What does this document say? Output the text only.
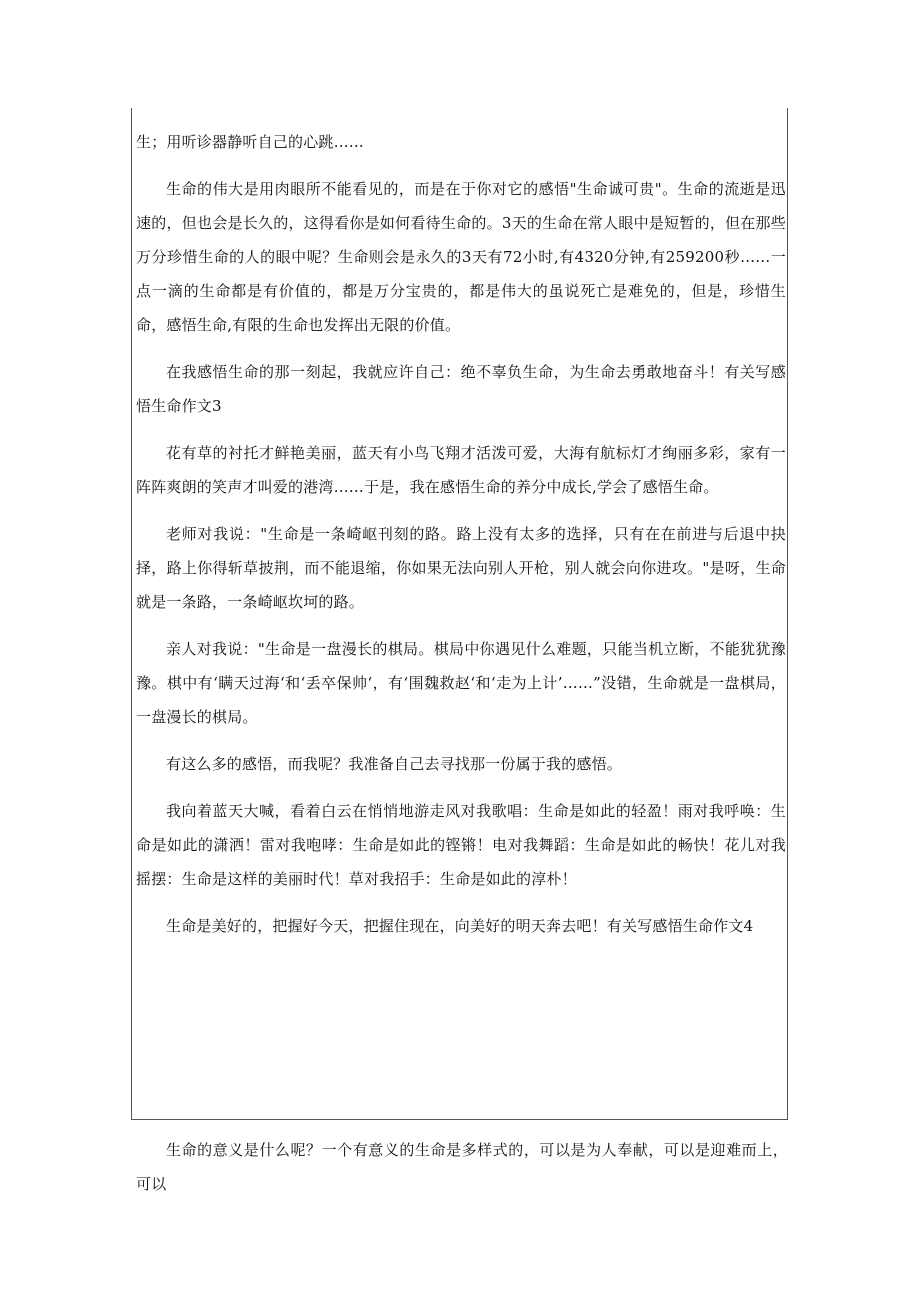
生；用听诊器静听自己的心跳……

生命的伟大是用肉眼所不能看见的，而是在于你对它的感悟"生命诚可贵"。生命的流逝是迅速的，但也会是长久的，这得看你是如何看待生命的。3天的生命在常人眼中是短暂的，但在那些万分珍惜生命的人的眼中呢？生命则会是永久的3天有72小时,有4320分钟,有259200秒……一点一滴的生命都是有价值的，都是万分宝贵的，都是伟大的虽说死亡是难免的，但是，珍惜生命，感悟生命,有限的生命也发挥出无限的价值。

在我感悟生命的那一刻起，我就应许自己：绝不辜负生命，为生命去勇敢地奋斗！有关写感悟生命作文3

花有草的衬托才鲜艳美丽，蓝天有小鸟飞翔才活泼可爱，大海有航标灯才绚丽多彩，家有一阵阵爽朗的笑声才叫爱的港湾……于是，我在感悟生命的养分中成长,学会了感悟生命。

老师对我说："生命是一条崎岖刊刻的路。路上没有太多的选择，只有在在前进与后退中抉择，路上你得斩草披荆，而不能退缩，你如果无法向别人开枪，别人就会向你进攻。"是呀，生命就是一条路，一条崎岖坎坷的路。

亲人对我说："生命是一盘漫长的棋局。棋局中你遇见什么难题，只能当机立断，不能犹犹豫豫。棋中有‘瞒天过海‘和‘丢卒保帅‘，有‘围魏救赵‘和‘走为上计’……”没错，生命就是一盘棋局，一盘漫长的棋局。

有这么多的感悟，而我呢？我准备自己去寻找那一份属于我的感悟。

我向着蓝天大喊，看着白云在悄悄地游走风对我歌唱：生命是如此的轻盈！雨对我呼唤：生命是如此的潇洒！雷对我咆哮：生命是如此的铿锵！电对我舞蹈：生命是如此的畅快！花儿对我摇摆：生命是这样的美丽时代！草对我招手：生命是如此的淳朴！

生命是美好的，把握好今天，把握住现在，向美好的明天奔去吧！有关写感悟生命作文4

生命的意义是什么呢？一个有意义的生命是多样式的，可以是为人奉献，可以是迎难而上，可以
